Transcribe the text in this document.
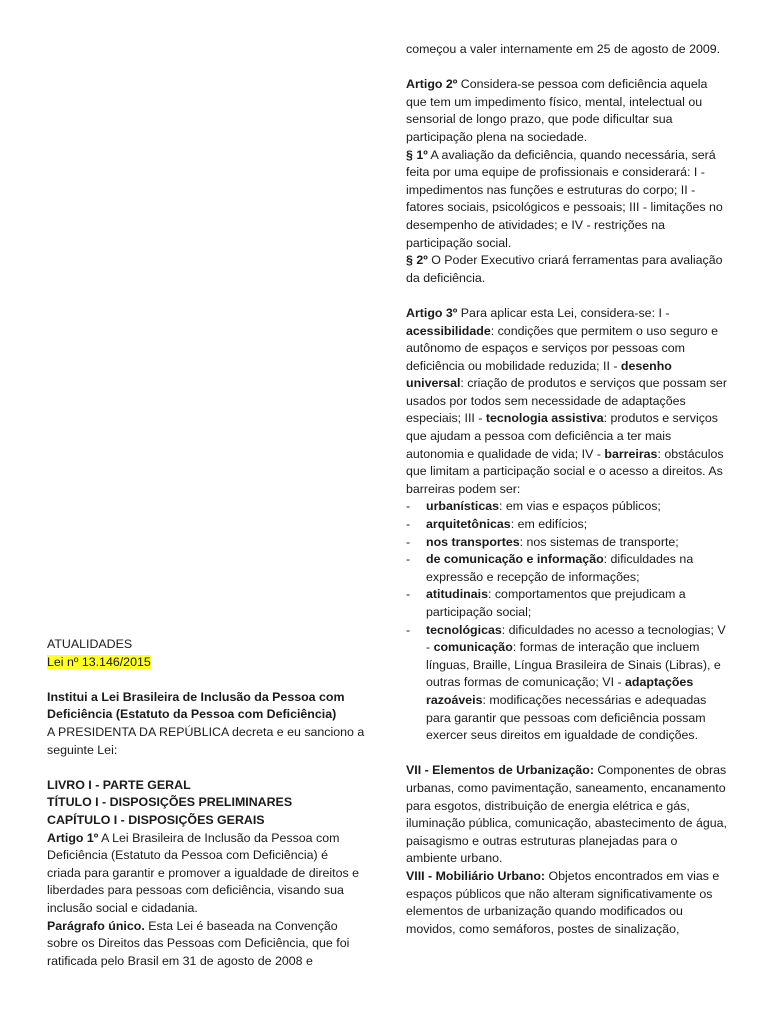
ATUALIDADES

Lei nº 13.146/2015

Institui a Lei Brasileira de Inclusão da Pessoa com Deficiência (Estatuto da Pessoa com Deficiência)

A PRESIDENTA DA REPÚBLICA decreta e eu sanciono a seguinte Lei:

LIVRO I - PARTE GERAL

TÍTULO I - DISPOSIÇÕES PRELIMINARES

CAPÍTULO I - DISPOSIÇÕES GERAIS

Artigo 1º A Lei Brasileira de Inclusão da Pessoa com Deficiência (Estatuto da Pessoa com Deficiência) é criada para garantir e promover a igualdade de direitos e liberdades para pessoas com deficiência, visando sua inclusão social e cidadania.

Parágrafo único. Esta Lei é baseada na Convenção sobre os Direitos das Pessoas com Deficiência, que foi ratificada pelo Brasil em 31 de agosto de 2008 e

começou a valer internamente em 25 de agosto de 2009.

Artigo 2º Considera-se pessoa com deficiência aquela que tem um impedimento físico, mental, intelectual ou sensorial de longo prazo, que pode dificultar sua participação plena na sociedade.

§ 1º A avaliação da deficiência, quando necessária, será feita por uma equipe de profissionais e considerará: I - impedimentos nas funções e estruturas do corpo; II - fatores sociais, psicológicos e pessoais; III - limitações no desempenho de atividades; e IV - restrições na participação social.

§ 2º O Poder Executivo criará ferramentas para avaliação da deficiência.

Artigo 3º Para aplicar esta Lei, considera-se: I - acessibilidade: condições que permitem o uso seguro e autônomo de espaços e serviços por pessoas com deficiência ou mobilidade reduzida; II - desenho universal: criação de produtos e serviços que possam ser usados por todos sem necessidade de adaptações especiais; III - tecnologia assistiva: produtos e serviços que ajudam a pessoa com deficiência a ter mais autonomia e qualidade de vida; IV - barreiras: obstáculos que limitam a participação social e o acesso a direitos. As barreiras podem ser:

- urbanísticas: em vias e espaços públicos;
- arquitetônicas: em edifícios;
- nos transportes: nos sistemas de transporte;
- de comunicação e informação: dificuldades na expressão e recepção de informações;
- atitudinais: comportamentos que prejudicam a participação social;
- tecnológicas: dificuldades no acesso a tecnologias; V - comunicação: formas de interação que incluem línguas, Braille, Língua Brasileira de Sinais (Libras), e outras formas de comunicação; VI - adaptações razoáveis: modificações necessárias e adequadas para garantir que pessoas com deficiência possam exercer seus direitos em igualdade de condições.

VII - Elementos de Urbanização: Componentes de obras urbanas, como pavimentação, saneamento, encanamento para esgotos, distribuição de energia elétrica e gás, iluminação pública, comunicação, abastecimento de água, paisagismo e outras estruturas planejadas para o ambiente urbano.

VIII - Mobiliário Urbano: Objetos encontrados em vias e espaços públicos que não alteram significativamente os elementos de urbanização quando modificados ou movidos, como semáforos, postes de sinalização,
